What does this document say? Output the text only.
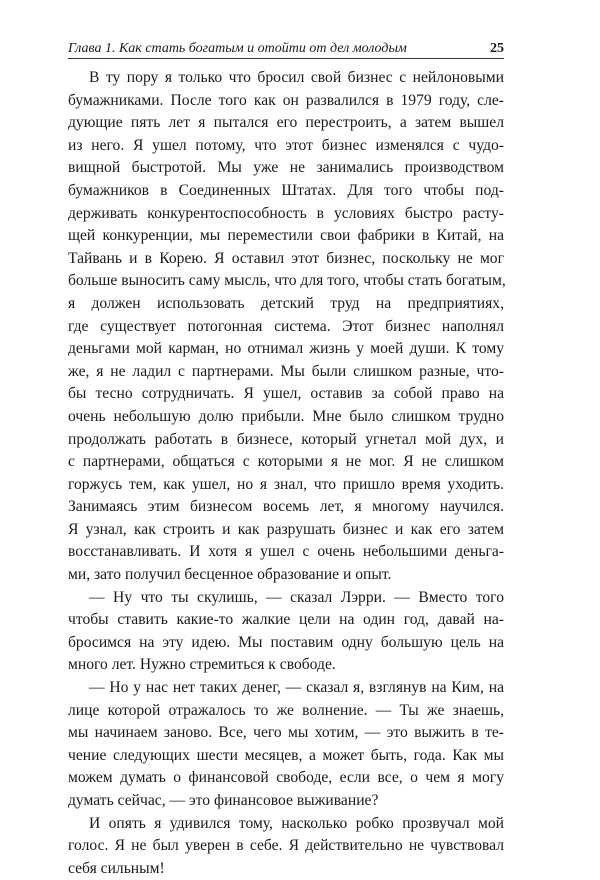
Глава 1. Как стать богатым и отойти от дел молодым	25

В ту пору я только что бросил свой бизнес с нейлоновыми
бумажниками. После того как он развалился в 1979 году, сле-
дующие пять лет я пытался его перестроить, а затем вышел
из него. Я ушел потому, что этот бизнес изменялся с чудо-
вищной быстротой. Мы уже не занимались производством
бумажников в Соединенных Штатах. Для того чтобы под-
держивать конкурентоспособность в условиях быстро расту-
щей конкуренции, мы переместили свои фабрики в Китай, на
Тайвань и в Корею. Я оставил этот бизнес, поскольку не мог
больше выносить саму мысль, что для того, чтобы стать богатым,
я должен использовать детский труд на предприятиях,
где существует потогонная система. Этот бизнес наполнял
деньгами мой карман, но отнимал жизнь у моей души. К тому
же, я не ладил с партнерами. Мы были слишком разные, что-
бы тесно сотрудничать. Я ушел, оставив за собой право на
очень небольшую долю прибыли. Мне было слишком трудно
продолжать работать в бизнесе, который угнетал мой дух, и
с партнерами, общаться с которыми я не мог. Я не слишком
горжусь тем, как ушел, но я знал, что пришло время уходить.
Занимаясь этим бизнесом восемь лет, я многому научился.
Я узнал, как строить и как разрушать бизнес и как его затем
восстанавливать. И хотя я ушел с очень небольшими деньга-
ми, зато получил бесценное образование и опыт.

— Ну что ты скулишь, — сказал Лэрри. — Вместо того
чтобы ставить какие-то жалкие цели на один год, давай на-
бросимся на эту идею. Мы поставим одну большую цель на
много лет. Нужно стремиться к свободе.

— Но у нас нет таких денег, — сказал я, взглянув на Ким, на
лице которой отражалось то же волнение. — Ты же знаешь,
мы начинаем заново. Все, чего мы хотим, — это выжить в те-
чение следующих шести месяцев, а может быть, года. Как мы
можем думать о финансовой свободе, если все, о чем я могу
думать сейчас, — это финансовое выживание?

И опять я удивился тому, насколько робко прозвучал мой
голос. Я не был уверен в себе. Я действительно не чувствовал
себя сильным!
